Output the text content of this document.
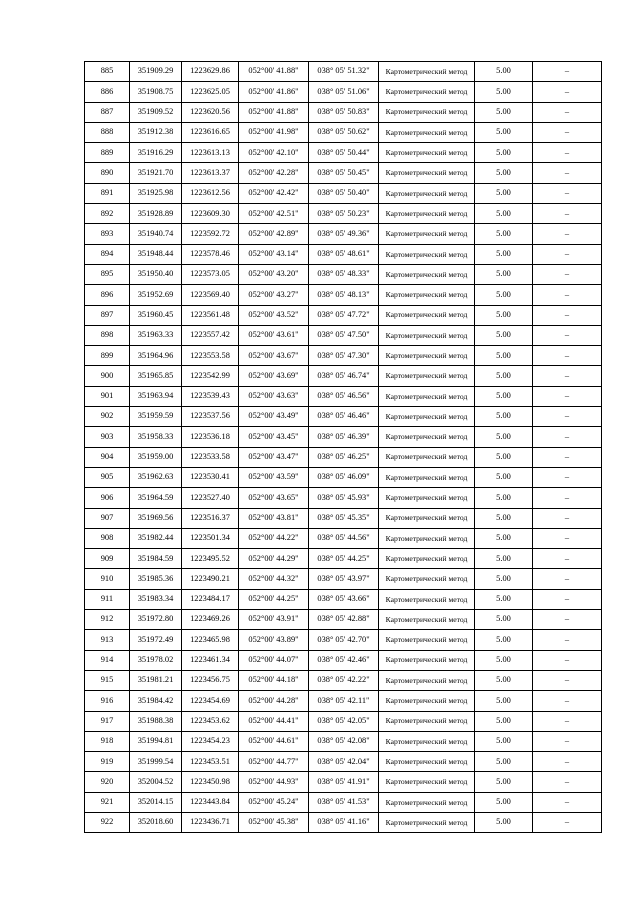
885	351909.29	1223629.86	052°00' 41.88"	038° 05' 51.32"	Картометрический метод	5.00	–
886	351908.75	1223625.05	052°00' 41.86"	038° 05' 51.06"	Картометрический метод	5.00	–
887	351909.52	1223620.56	052°00' 41.88"	038° 05' 50.83"	Картометрический метод	5.00	–
888	351912.38	1223616.65	052°00' 41.98"	038° 05' 50.62"	Картометрический метод	5.00	–
889	351916.29	1223613.13	052°00' 42.10"	038° 05' 50.44"	Картометрический метод	5.00	–
890	351921.70	1223613.37	052°00' 42.28"	038° 05' 50.45"	Картометрический метод	5.00	–
891	351925.98	1223612.56	052°00' 42.42"	038° 05' 50.40"	Картометрический метод	5.00	–
892	351928.89	1223609.30	052°00' 42.51"	038° 05' 50.23"	Картометрический метод	5.00	–
893	351940.74	1223592.72	052°00' 42.89"	038° 05' 49.36"	Картометрический метод	5.00	–
894	351948.44	1223578.46	052°00' 43.14"	038° 05' 48.61"	Картометрический метод	5.00	–
895	351950.40	1223573.05	052°00' 43.20"	038° 05' 48.33"	Картометрический метод	5.00	–
896	351952.69	1223569.40	052°00' 43.27"	038° 05' 48.13"	Картометрический метод	5.00	–
897	351960.45	1223561.48	052°00' 43.52"	038° 05' 47.72"	Картометрический метод	5.00	–
898	351963.33	1223557.42	052°00' 43.61"	038° 05' 47.50"	Картометрический метод	5.00	–
899	351964.96	1223553.58	052°00' 43.67"	038° 05' 47.30"	Картометрический метод	5.00	–
900	351965.85	1223542.99	052°00' 43.69"	038° 05' 46.74"	Картометрический метод	5.00	–
901	351963.94	1223539.43	052°00' 43.63"	038° 05' 46.56"	Картометрический метод	5.00	–
902	351959.59	1223537.56	052°00' 43.49"	038° 05' 46.46"	Картометрический метод	5.00	–
903	351958.33	1223536.18	052°00' 43.45"	038° 05' 46.39"	Картометрический метод	5.00	–
904	351959.00	1223533.58	052°00' 43.47"	038° 05' 46.25"	Картометрический метод	5.00	–
905	351962.63	1223530.41	052°00' 43.59"	038° 05' 46.09"	Картометрический метод	5.00	–
906	351964.59	1223527.40	052°00' 43.65"	038° 05' 45.93"	Картометрический метод	5.00	–
907	351969.56	1223516.37	052°00' 43.81"	038° 05' 45.35"	Картометрический метод	5.00	–
908	351982.44	1223501.34	052°00' 44.22"	038° 05' 44.56"	Картометрический метод	5.00	–
909	351984.59	1223495.52	052°00' 44.29"	038° 05' 44.25"	Картометрический метод	5.00	–
910	351985.36	1223490.21	052°00' 44.32"	038° 05' 43.97"	Картометрический метод	5.00	–
911	351983.34	1223484.17	052°00' 44.25"	038° 05' 43.66"	Картометрический метод	5.00	–
912	351972.80	1223469.26	052°00' 43.91"	038° 05' 42.88"	Картометрический метод	5.00	–
913	351972.49	1223465.98	052°00' 43.89"	038° 05' 42.70"	Картометрический метод	5.00	–
914	351978.02	1223461.34	052°00' 44.07"	038° 05' 42.46"	Картометрический метод	5.00	–
915	351981.21	1223456.75	052°00' 44.18"	038° 05' 42.22"	Картометрический метод	5.00	–
916	351984.42	1223454.69	052°00' 44.28"	038° 05' 42.11"	Картометрический метод	5.00	–
917	351988.38	1223453.62	052°00' 44.41"	038° 05' 42.05"	Картометрический метод	5.00	–
918	351994.81	1223454.23	052°00' 44.61"	038° 05' 42.08"	Картометрический метод	5.00	–
919	351999.54	1223453.51	052°00' 44.77"	038° 05' 42.04"	Картометрический метод	5.00	–
920	352004.52	1223450.98	052°00' 44.93"	038° 05' 41.91"	Картометрический метод	5.00	–
921	352014.15	1223443.84	052°00' 45.24"	038° 05' 41.53"	Картометрический метод	5.00	–
922	352018.60	1223436.71	052°00' 45.38"	038° 05' 41.16"	Картометрический метод	5.00	–
